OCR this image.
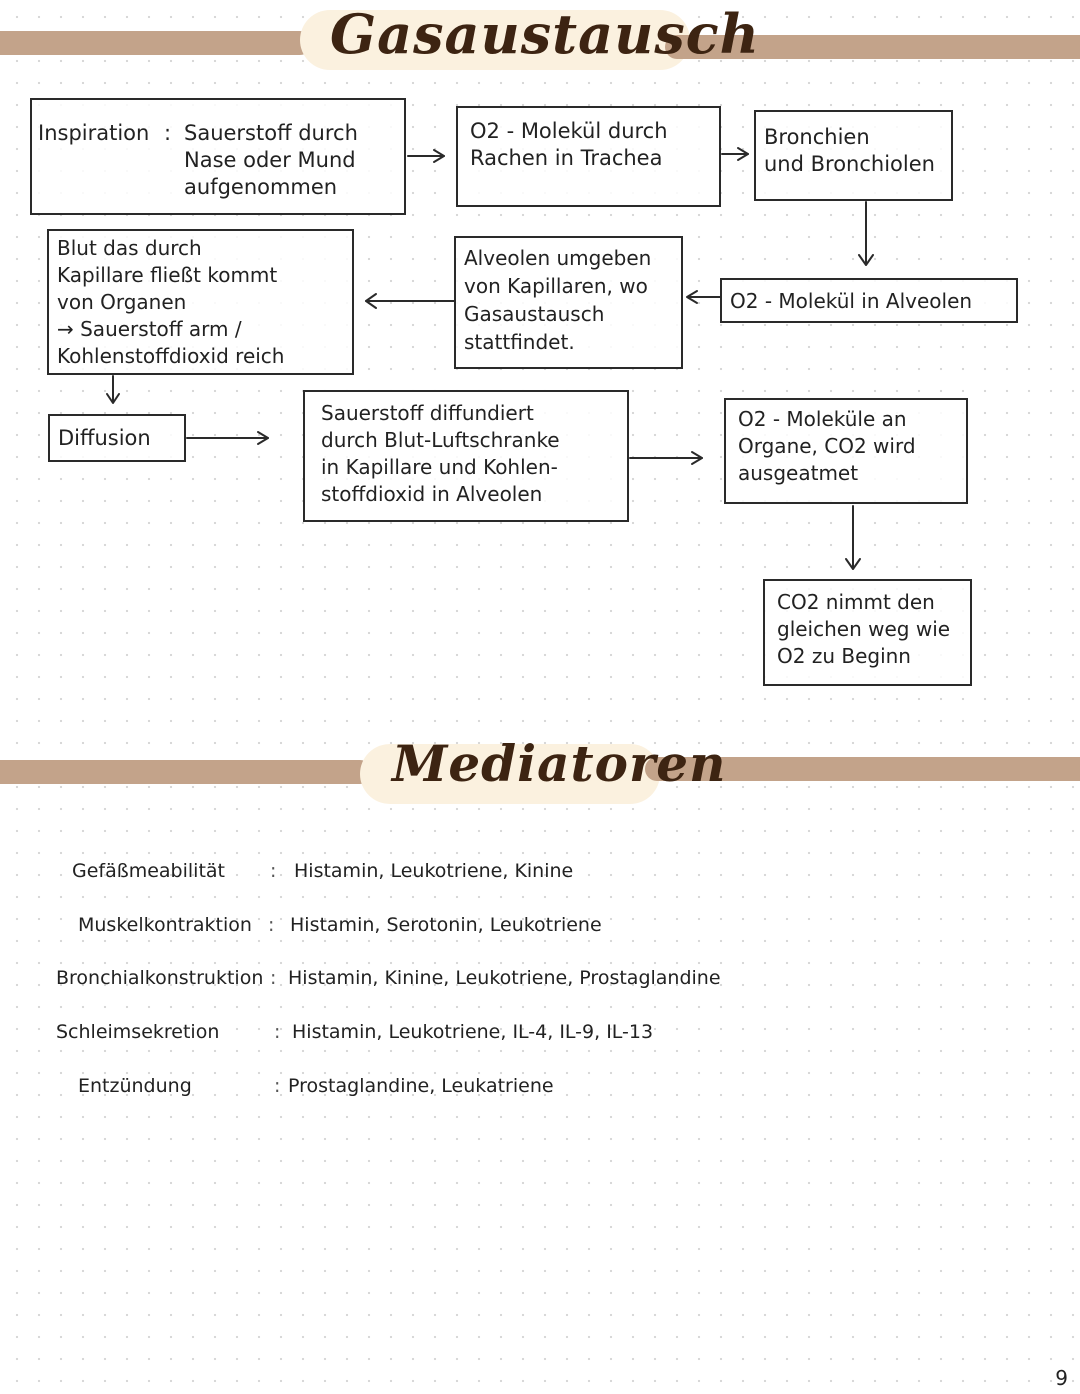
Gasaustausch
Inspiration : Sauerstoff durch
Nase oder Mund
aufgenommen
O2 - Molekül durch
Rachen in Trachea
Bronchien
und Bronchiolen
O2 - Molekül in Alveolen
Alveolen umgeben
von Kapillaren, wo
Gasaustausch
stattfindet.
Blut das durch
Kapillare fließt kommt
von Organen
→ Sauerstoff arm /
Kohlenstoffdioxid reich
Diffusion
Sauerstoff diffundiert
durch Blut-Luftschranke
in Kapillare und Kohlen-
stoffdioxid in Alveolen
O2 - Moleküle an
Organe, CO2 wird
ausgeatmet
CO2 nimmt den
gleichen weg wie
O2 zu Beginn
Mediatoren
Gefäßmeabilität : Histamin, Leukotriene, Kinine
Muskelkontraktion : Histamin, Serotonin, Leukotriene
Bronchialkonstruktion : Histamin, Kinine, Leukotriene, Prostaglandine
Schleimsekretion	: Histamin, Leukotriene, IL-4, IL-9, IL-13
Entzündung	: Prostaglandine, Leukatriene
9
